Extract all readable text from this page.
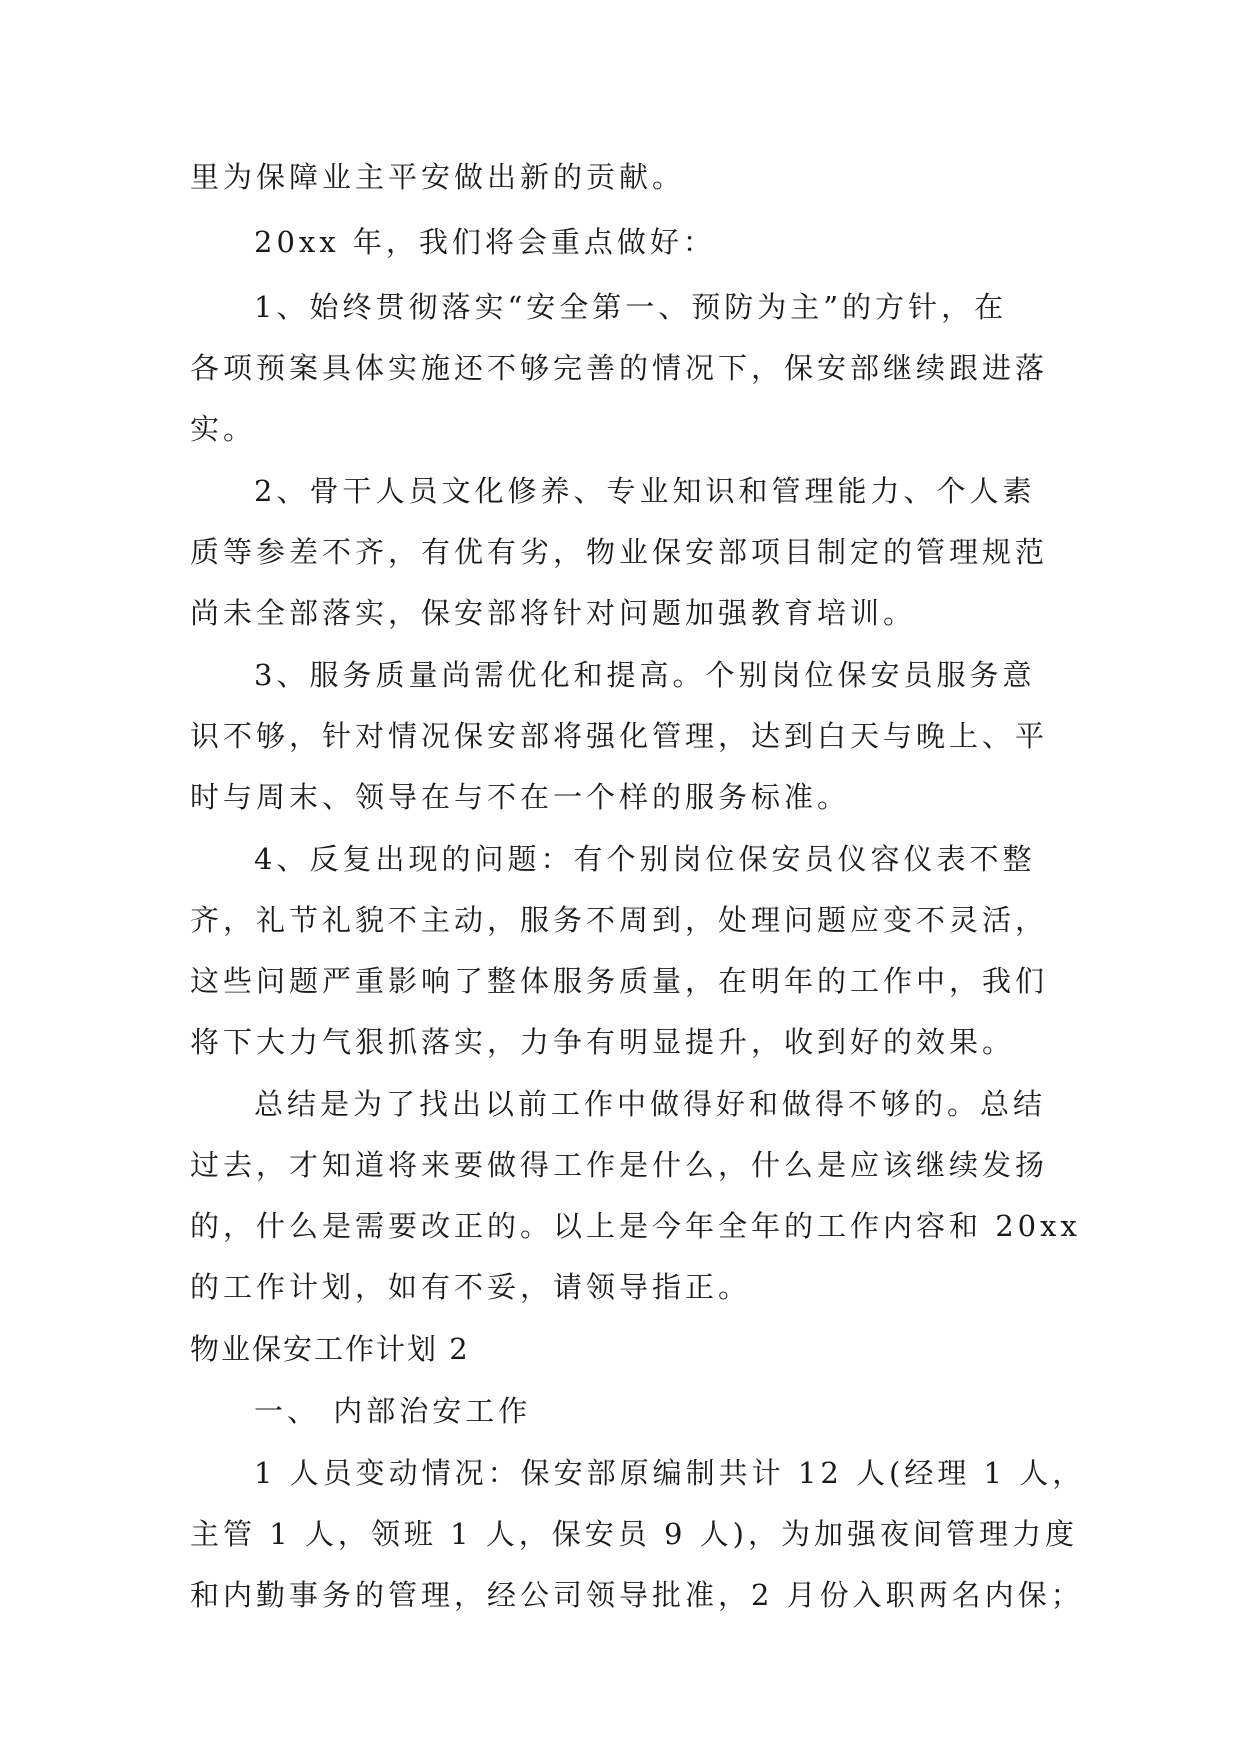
里为保障业主平安做出新的贡献。
20xx 年，我们将会重点做好：
1、始终贯彻落实“安全第一、预防为主”的方针，在
各项预案具体实施还不够完善的情况下，保安部继续跟进落
实。
2、骨干人员文化修养、专业知识和管理能力、个人素
质等参差不齐，有优有劣，物业保安部项目制定的管理规范
尚未全部落实，保安部将针对问题加强教育培训。
3、服务质量尚需优化和提高。个别岗位保安员服务意
识不够，针对情况保安部将强化管理，达到白天与晚上、平
时与周末、领导在与不在一个样的服务标准。
4、反复出现的问题：有个别岗位保安员仪容仪表不整
齐，礼节礼貌不主动，服务不周到，处理问题应变不灵活，
这些问题严重影响了整体服务质量，在明年的工作中，我们
将下大力气狠抓落实，力争有明显提升，收到好的效果。
总结是为了找出以前工作中做得好和做得不够的。总结
过去，才知道将来要做得工作是什么，什么是应该继续发扬
的，什么是需要改正的。以上是今年全年的工作内容和 20xx
的工作计划，如有不妥，请领导指正。
物业保安工作计划 2
一、 内部治安工作
1 人员变动情况：保安部原编制共计 12 人(经理 1 人，
主管 1 人，领班 1 人，保安员 9 人)，为加强夜间管理力度
和内勤事务的管理，经公司领导批准，2 月份入职两名内保；
